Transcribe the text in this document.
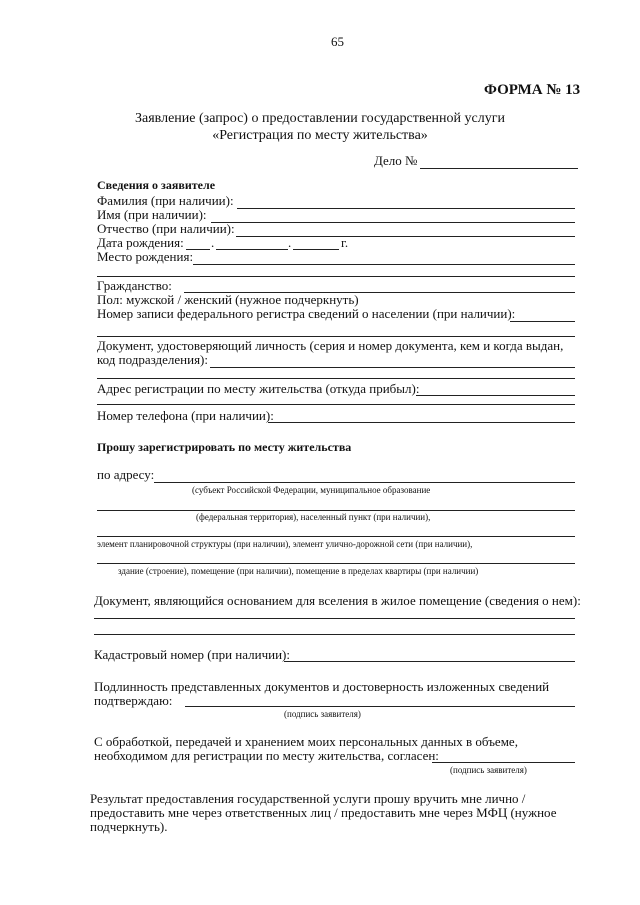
65
ФОРМА № 13
Заявление (запрос) о предоставлении государственной услуги
«Регистрация по месту жительства»
Дело №
Сведения о заявителе
Фамилия (при наличии):
Имя (при наличии):
Отчество (при наличии):
Дата рождения: .	.	г.
Место рождения:
Гражданство:
Пол: мужской / женский (нужное подчеркнуть)
Номер записи федерального регистра сведений о населении (при наличии):
Документ, удостоверяющий личность (серия и номер документа, кем и когда выдан,
код подразделения):
Адрес регистрации по месту жительства (откуда прибыл):
Номер телефона (при наличии):
Прошу зарегистрировать по месту жительства
по адресу:
(субъект Российской Федерации, муниципальное образование
(федеральная территория), населенный пункт (при наличии),
элемент планировочной структуры (при наличии), элемент улично-дорожной сети (при наличии),
здание (строение), помещение (при наличии), помещение в пределах квартиры (при наличии)
Документ, являющийся основанием для вселения в жилое помещение (сведения о нем):
Кадастровый номер (при наличии):
Подлинность представленных документов и достоверность изложенных сведений
подтверждаю:
(подпись заявителя)
С обработкой, передачей и хранением моих персональных данных в объеме,
необходимом для регистрации по месту жительства, согласен:
(подпись заявителя)
Результат предоставления государственной услуги прошу вручить мне лично /
предоставить мне через ответственных лиц / предоставить мне через МФЦ (нужное
подчеркнуть).
